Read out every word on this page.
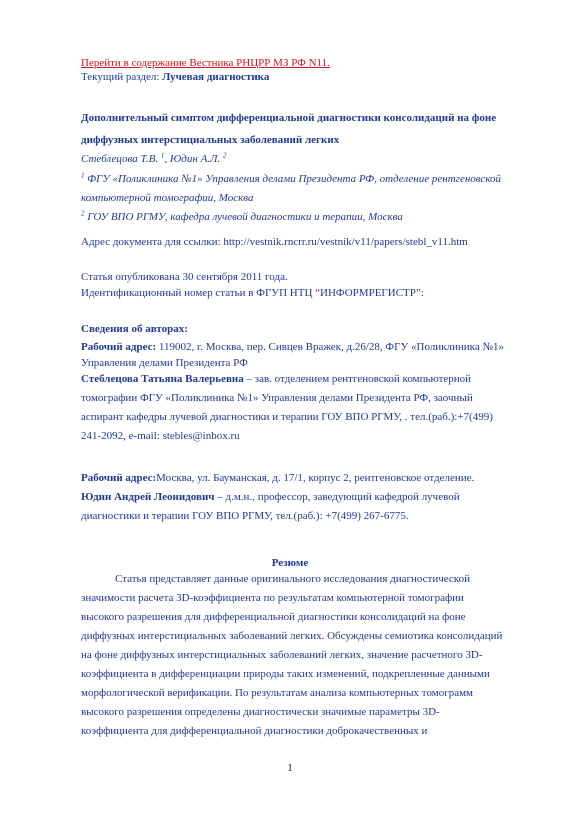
Перейти в содержание Вестника РНЦРР МЗ РФ N11.
Текущий раздел: Лучевая диагностика
Дополнительный симптом дифференциальной диагностики консолидаций на фоне
диффузных интерстициальных заболеваний легких
Стеблецова Т.В. $^1$, Юдин А.Л. $^2$
$^1$ ФГУ «Поликлиника №1» Управления делами Президента РФ, отделение рентгеновской
компьютерной томографии, Москва
$^2$ ГОУ ВПО РГМУ, кафедра лучевой диагностики и терапии, Москва
Адрес документа для ссылки: http://vestnik.rncrr.ru/vestnik/v11/papers/stebl_v11.htm
Статья опубликована 30 сентября 2011 года.
Идентификационный номер статьи в ФГУП НТЦ “ИНФОРМРЕГИСТР”:
Сведения об авторах:
Рабочий адрес: 119002, г. Москва, пер. Сивцев Вражек, д.26/28, ФГУ «Поликлиника №1»
Управления делами Президента РФ
Стеблецова Татьяна Валерьевна – зав. отделением рентгеновской компьютерной
томографии ФГУ «Поликлиника №1» Управления делами Президента РФ, заочный
аспирант кафедры лучевой диагностики и терапии ГОУ ВПО РГМУ, . тел.(раб.):+7(499)
241-2092, e-mail: stebles@inbox.ru
Рабочий адрес:Москва, ул. Бауманская, д. 17/1, корпус 2, рентгеновское отделение.
Юдин Андрей Леонидович – д.м.н., профессор, заведующий кафедрой лучевой
диагностики и терапии ГОУ ВПО РГМУ, тел.(раб.): +7(499) 267-6775.
Резюме
Статья представляет данные оригинального исследования диагностической
значимости расчета 3D-коэффициента по результатам компьютерной томографии
высокого разрешения для дифференциальной диагностики консолидаций на фоне
диффузных интерстициальных заболеваний легких. Обсуждены семиотика консолидаций
на фоне диффузных интерстициальных заболеваний легких, значение расчетного 3D-
коэффициента в дифференциации природы таких изменений, подкрепленные данными
морфологической верификации. По результатам анализа компьютерных томограмм
высокого разрешения определены диагностически значимые параметры 3D-
коэффициента для дифференциальной диагностики доброкачественных и
1
